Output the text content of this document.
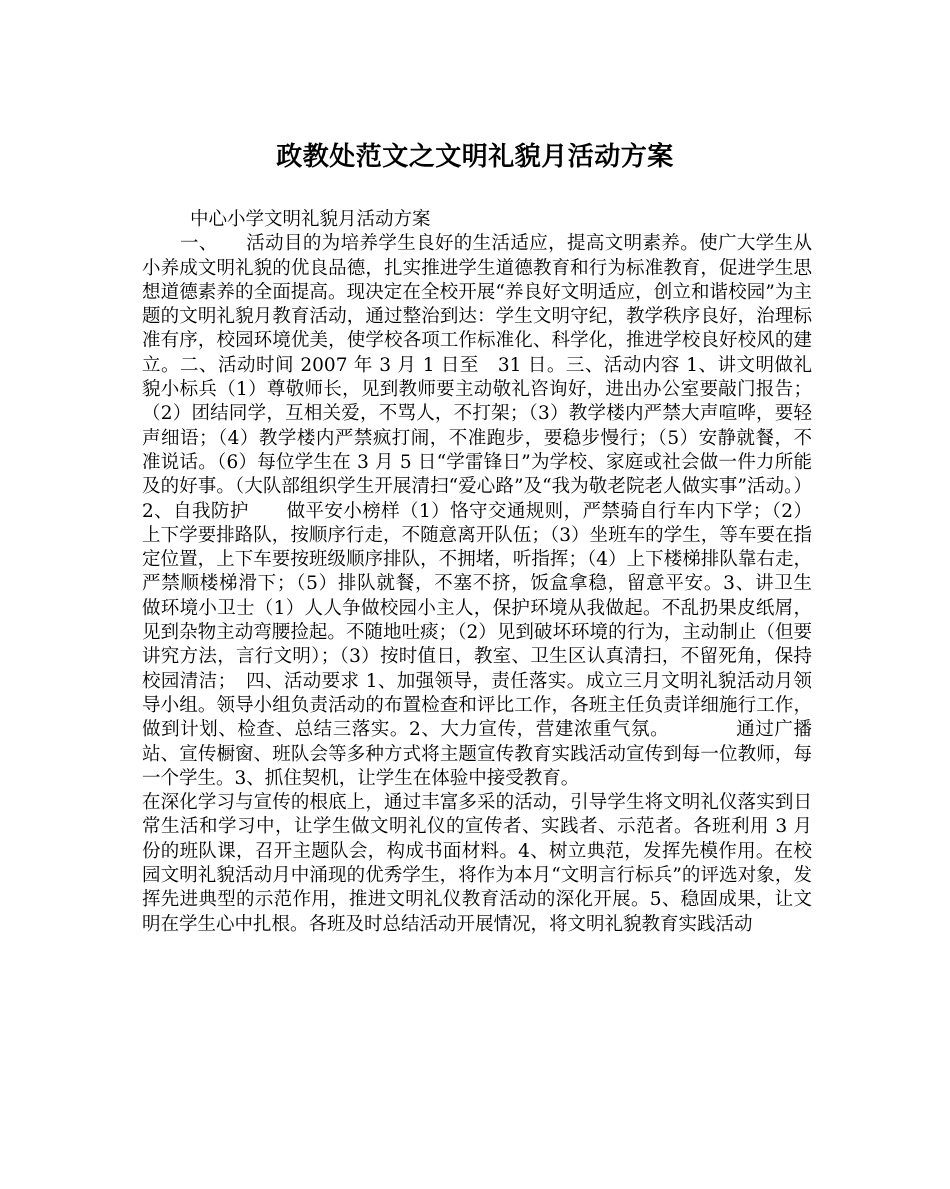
政教处范文之文明礼貌月活动方案
中心小学文明礼貌月活动方案

一、　　活动目的为培养学生良好的生活适应，提高文明素养。使广大学生从小养成文明礼貌的优良品德，扎实推进学生道德教育和行为标准教育，促进学生思想道德素养的全面提高。现决定在全校开展“养良好文明适应，创立和谐校园”为主题的文明礼貌月教育活动，通过整治到达：学生文明守纪，教学秩序良好，治理标准有序，校园环境优美，使学校各项工作标准化、科学化，推进学校良好校风的建立。二、活动时间 2007 年 3 月 1 日至　31 日。三、活动内容 1、讲文明做礼貌小标兵（1）尊敬师长，见到教师要主动敬礼咨询好，进出办公室要敲门报告；（2）团结同学，互相关爱，不骂人，不打架；（3）教学楼内严禁大声喧哗，要轻声细语；（4）教学楼内严禁疯打闹，不准跑步，要稳步慢行；（5）安静就餐，不准说话。（6）每位学生在 3 月 5 日“学雷锋日”为学校、家庭或社会做一件力所能及的好事。（大队部组织学生开展清扫“爱心路”及“我为敬老院老人做实事”活动。）2、自我防护　　做平安小榜样（1）恪守交通规则，严禁骑自行车内下学；（2）上下学要排路队，按顺序行走，不随意离开队伍；（3）坐班车的学生，等车要在指定位置，上下车要按班级顺序排队，不拥堵，听指挥；（4）上下楼梯排队靠右走，严禁顺楼梯滑下；（5）排队就餐，不塞不挤，饭盒拿稳，留意平安。3、讲卫生　　做环境小卫士（1）人人争做校园小主人，保护环境从我做起。不乱扔果皮纸屑，见到杂物主动弯腰捡起。不随地吐痰；（2）见到破坏环境的行为，主动制止（但要讲究方法，言行文明）；（3）按时值日，教室、卫生区认真清扫，不留死角，保持校园清洁；　四、活动要求 1、加强领导，责任落实。成立三月文明礼貌活动月领导小组。领导小组负责活动的布置检查和评比工作，各班主任负责详细施行工作，做到计划、检查、总结三落实。2、大力宣传，营建浓重气氛。　　　　通过广播站、宣传橱窗、班队会等多种方式将主题宣传教育实践活动宣传到每一位教师，每一个学生。3、抓住契机，让学生在体验中接受教育。

在深化学习与宣传的根底上，通过丰富多采的活动，引导学生将文明礼仪落实到日常生活和学习中，让学生做文明礼仪的宣传者、实践者、示范者。各班利用 3 月份的班队课，召开主题队会，构成书面材料。4、树立典范，发挥先模作用。在校园文明礼貌活动月中涌现的优秀学生，将作为本月“文明言行标兵”的评选对象，发挥先进典型的示范作用，推进文明礼仪教育活动的深化开展。5、稳固成果，让文明在学生心中扎根。各班及时总结活动开展情况，将文明礼貌教育实践活动
